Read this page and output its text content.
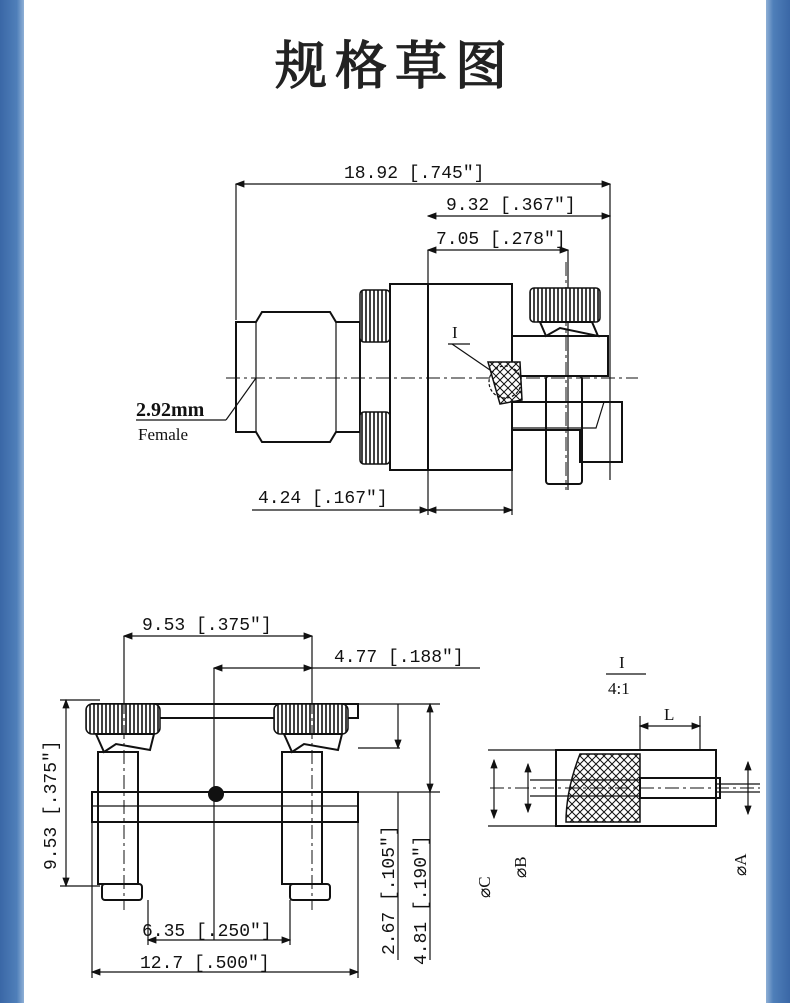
规格草图
18.92 [.745″]
9.32 [.367″]
7.05 [.278″]
4.24 [.167″]
I
2.92mm
Female
9.53 [.375″]
4.77 [.188″]
9.53 [.375″]
6.35 [.250″]
12.7 [.500″]
2.67 [.105″] 4.81 [.190″]
I
4:1
L
⌀C
⌀B	⌀A
